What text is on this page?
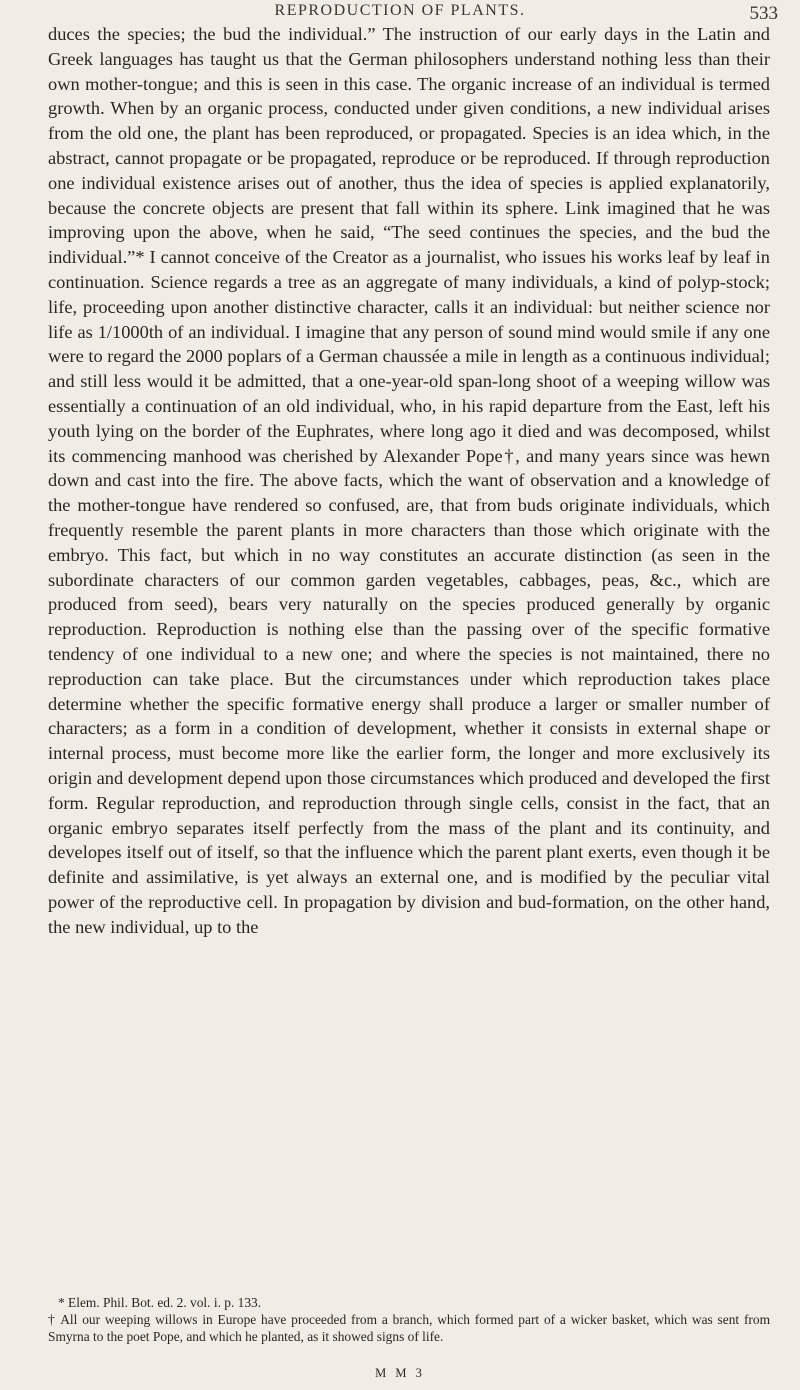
REPRODUCTION OF PLANTS.	533

duces the species; the bud the individual.” The instruction of our early days in the Latin and Greek languages has taught us that the German philosophers understand nothing less than their own mother-tongue; and this is seen in this case. The organic increase of an individual is termed growth. When by an organic process, conducted under given conditions, a new individual arises from the old one, the plant has been reproduced, or propagated. Species is an idea which, in the abstract, cannot propagate or be propagated, reproduce or be reproduced. If through reproduction one individual existence arises out of another, thus the idea of species is applied explanatorily, because the concrete objects are present that fall within its sphere. Link imagined that he was improving upon the above, when he said, “The seed continues the species, and the bud the individual.”* I cannot conceive of the Creator as a journalist, who issues his works leaf by leaf in continuation. Science regards a tree as an aggregate of many individuals, a kind of polyp-stock; life, proceeding upon another distinctive character, calls it an individual: but neither science nor life as 1/1000th of an individual. I imagine that any person of sound mind would smile if any one were to regard the 2000 poplars of a German chaussée a mile in length as a continuous individual; and still less would it be admitted, that a one-year-old span-long shoot of a weeping willow was essentially a continuation of an old individual, who, in his rapid departure from the East, left his youth lying on the border of the Euphrates, where long ago it died and was decomposed, whilst its commencing manhood was cherished by Alexander Pope†, and many years since was hewn down and cast into the fire. The above facts, which the want of observation and a knowledge of the mother-tongue have rendered so confused, are, that from buds originate individuals, which frequently resemble the parent plants in more characters than those which originate with the embryo. This fact, but which in no way constitutes an accurate distinction (as seen in the subordinate characters of our common garden vegetables, cabbages, peas, &c., which are produced from seed), bears very naturally on the species produced generally by organic reproduction. Reproduction is nothing else than the passing over of the specific formative tendency of one individual to a new one; and where the species is not maintained, there no reproduction can take place. But the circumstances under which reproduction takes place determine whether the specific formative energy shall produce a larger or smaller number of characters; as a form in a condition of development, whether it consists in external shape or internal process, must become more like the earlier form, the longer and more exclusively its origin and development depend upon those circumstances which produced and developed the first form. Regular reproduction, and reproduction through single cells, consist in the fact, that an organic embryo separates itself perfectly from the mass of the plant and its continuity, and developes itself out of itself, so that the influence which the parent plant exerts, even though it be definite and assimilative, is yet always an external one, and is modified by the peculiar vital power of the reproductive cell. In propagation by division and bud-formation, on the other hand, the new individual, up to the

* Elem. Phil. Bot. ed. 2. vol. i. p. 133.

† All our weeping willows in Europe have proceeded from a branch, which formed part of a wicker basket, which was sent from Smyrna to the poet Pope, and which he planted, as it showed signs of life.

M M 3
